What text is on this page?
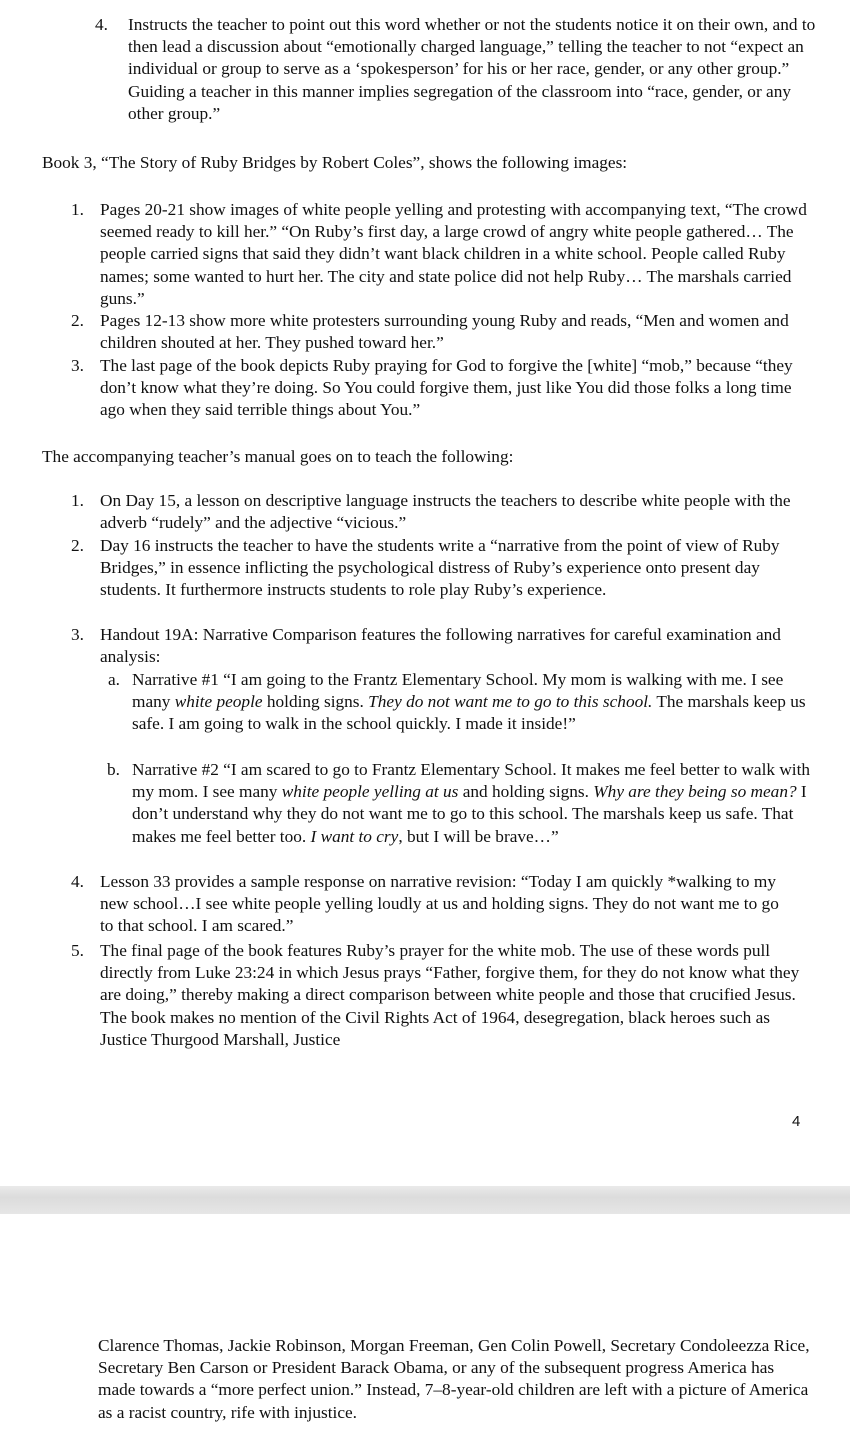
4. Instructs the teacher to point out this word whether or not the students notice it on their own, and to then lead a discussion about “emotionally charged language,” telling the teacher to not “expect an individual or group to serve as a ‘spokesperson’ for his or her race, gender, or any other group.” Guiding a teacher in this manner implies segregation of the classroom into “race, gender, or any other group.”
Book 3, “The Story of Ruby Bridges by Robert Coles”, shows the following images:
1. Pages 20-21 show images of white people yelling and protesting with accompanying text, “The crowd seemed ready to kill her.” “On Ruby’s first day, a large crowd of angry white people gathered… The people carried signs that said they didn’t want black children in a white school. People called Ruby names; some wanted to hurt her. The city and state police did not help Ruby… The marshals carried guns.”
2. Pages 12-13 show more white protesters surrounding young Ruby and reads, “Men and women and children shouted at her. They pushed toward her.”
3. The last page of the book depicts Ruby praying for God to forgive the [white] “mob,” because “they don’t know what they’re doing. So You could forgive them, just like You did those folks a long time ago when they said terrible things about You.”
The accompanying teacher’s manual goes on to teach the following:
1. On Day 15, a lesson on descriptive language instructs the teachers to describe white people with the adverb “rudely” and the adjective “vicious.”
2. Day 16 instructs the teacher to have the students write a “narrative from the point of view of Ruby Bridges,” in essence inflicting the psychological distress of Ruby’s experience onto present day students. It furthermore instructs students to role play Ruby’s experience.
3. Handout 19A: Narrative Comparison features the following narratives for careful examination and analysis:
a. Narrative #1 “I am going to the Frantz Elementary School. My mom is walking with me. I see many white people holding signs. They do not want me to go to this school. The marshals keep us safe. I am going to walk in the school quickly. I made it inside!”
b. Narrative #2 “I am scared to go to Frantz Elementary School. It makes me feel better to walk with my mom. I see many white people yelling at us and holding signs. Why are they being so mean? I don’t understand why they do not want me to go to this school. The marshals keep us safe. That makes me feel better too. I want to cry, but I will be brave…”
4. Lesson 33 provides a sample response on narrative revision: “Today I am quickly *walking to my new school…I see white people yelling loudly at us and holding signs. They do not want me to go to that school. I am scared.”
5. The final page of the book features Ruby’s prayer for the white mob. The use of these words pull directly from Luke 23:24 in which Jesus prays “Father, forgive them, for they do not know what they are doing,” thereby making a direct comparison between white people and those that crucified Jesus. The book makes no mention of the Civil Rights Act of 1964, desegregation, black heroes such as Justice Thurgood Marshall, Justice
4
Clarence Thomas, Jackie Robinson, Morgan Freeman, Gen Colin Powell, Secretary Condoleezza Rice, Secretary Ben Carson or President Barack Obama, or any of the subsequent progress America has made towards a “more perfect union.” Instead, 7–8-year-old children are left with a picture of America as a racist country, rife with injustice.
